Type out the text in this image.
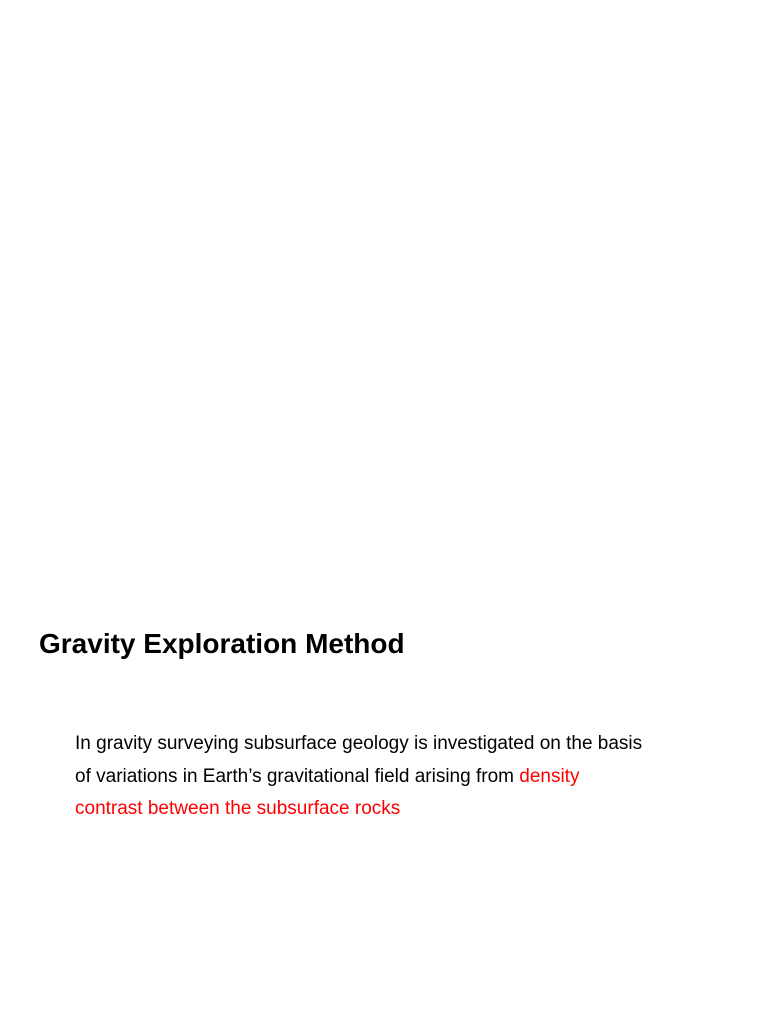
Gravity Exploration Method

In gravity surveying subsurface geology is investigated on the basis
of variations in Earth’s gravitational field arising from density
contrast between the subsurface rocks
